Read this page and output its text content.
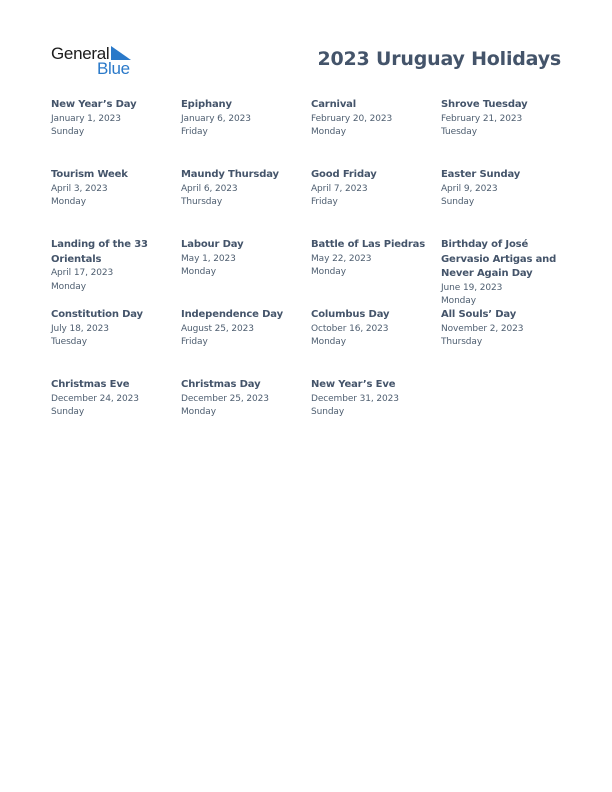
General
Blue	2023 Uruguay Holidays
New Year’s Day
January 1, 2023
Sunday
Epiphany
January 6, 2023
Friday
Carnival
February 20, 2023
Monday
Shrove Tuesday
February 21, 2023
Tuesday
Tourism Week
April 3, 2023
Monday
Maundy Thursday
April 6, 2023
Thursday
Good Friday
April 7, 2023
Friday
Easter Sunday
April 9, 2023
Sunday
Landing of the 33 Orientals
April 17, 2023
Monday
Labour Day
May 1, 2023
Monday
Battle of Las Piedras
May 22, 2023
Monday
Birthday of José Gervasio Artigas and Never Again Day
June 19, 2023
Monday
Constitution Day
July 18, 2023
Tuesday
Independence Day
August 25, 2023
Friday
Columbus Day
October 16, 2023
Monday
All Souls’ Day
November 2, 2023
Thursday
Christmas Eve
December 24, 2023
Sunday
Christmas Day
December 25, 2023
Monday
New Year’s Eve
December 31, 2023
Sunday
